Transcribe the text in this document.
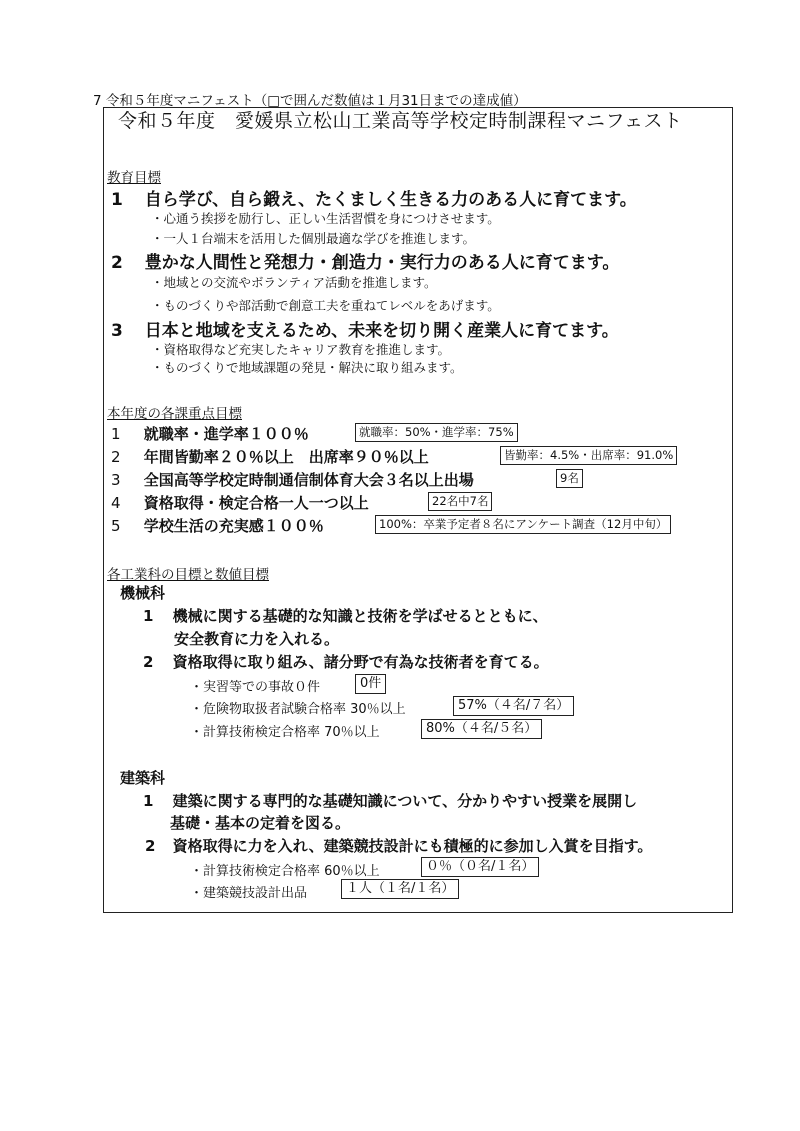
7 令和５年度マニフェスト（□で囲んだ数値は１月31日までの達成値）
令和５年度　愛媛県立松山工業高等学校定時制課程マニフェスト
教育目標
1 自ら学び、自ら鍛え、たくましく生きる力のある人に育てます。
・心通う挨拶を励行し、正しい生活習慣を身につけさせます。
・一人１台端末を活用した個別最適な学びを推進します。
2 豊かな人間性と発想力・創造力・実行力のある人に育てます。
・地域との交流やボランティア活動を推進します。
・ものづくりや部活動で創意工夫を重ねてレベルをあげます。
3 日本と地域を支えるため、未来を切り開く産業人に育てます。
・資格取得など充実したキャリア教育を推進します。
・ものづくりで地域課題の発見・解決に取り組みます。
本年度の各課重点目標
1 就職率・進学率１００％	就職率：50%・進学率：75%
2 年間皆勤率２０％以上　出席率９０％以上	皆勤率：4.5%・出席率：91.0%
3 全国高等学校定時制通信制体育大会３名以上出場	9名
4 資格取得・検定合格一人一つ以上	22名中7名
5 学校生活の充実感１００％	100%：卒業予定者８名にアンケート調査（12月中旬）
各工業科の目標と数値目標
機械科
1 機械に関する基礎的な知識と技術を学ばせるとともに、
安全教育に力を入れる。
2 資格取得に取り組み、諸分野で有為な技術者を育てる。
・実習等での事故０件	0件
・危険物取扱者試験合格率 30％以上	57%（４名/７名）
・計算技術検定合格率 70％以上	80%（４名/５名）
建築科
1 建築に関する専門的な基礎知識について、分かりやすい授業を展開し
基礎・基本の定着を図る。
2 資格取得に力を入れ、建築競技設計にも積極的に参加し入賞を目指す。
・計算技術検定合格率 60％以上	０％（０名/１名）
・建築競技設計出品	１人（１名/１名）
